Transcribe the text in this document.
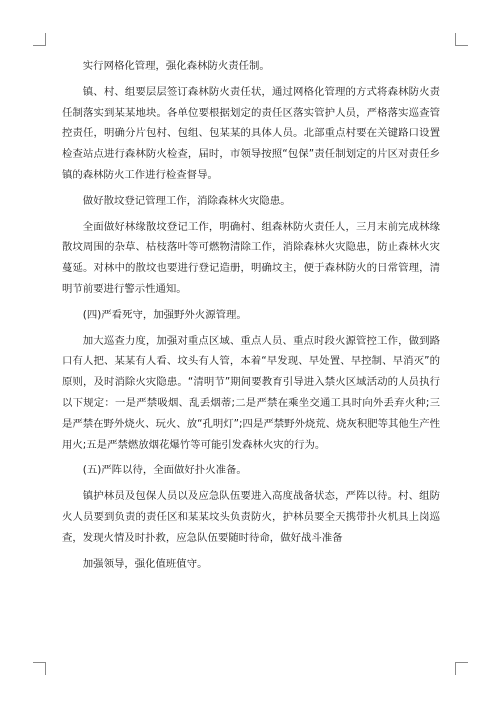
实行网格化管理，强化森林防火责任制。

镇、村、组要层层签订森林防火责任状，通过网格化管理的方式将森林防火责任制落实到某某地块。各单位要根据划定的责任区落实管护人员，严格落实巡查管控责任，明确分片包村、包组、包某某的具体人员。北部重点村要在关键路口设置检查站点进行森林防火检查，届时，市领导按照“包保”责任制划定的片区对责任乡镇的森林防火工作进行检查督导。

做好散坟登记管理工作，消除森林火灾隐患。

全面做好林缘散坟登记工作，明确村、组森林防火责任人，三月末前完成林缘散坟周围的杂草、枯枝落叶等可燃物清除工作，消除森林火灾隐患，防止森林火灾蔓延。对林中的散坟也要进行登记造册，明确坟主，便于森林防火的日常管理，清明节前要进行警示性通知。

(四)严看死守，加强野外火源管理。

加大巡查力度，加强对重点区域、重点人员、重点时段火源管控工作，做到路口有人把、某某有人看、坟头有人管，本着“早发现、早处置、早控制、早消灭”的原则，及时消除火灾隐患。“清明节”期间要教育引导进入禁火区域活动的人员执行以下规定：一是严禁吸烟、乱丢烟蒂;二是严禁在乘坐交通工具时向外丢弃火种;三是严禁在野外烧火、玩火、放“孔明灯”;四是严禁野外烧荒、烧灰积肥等其他生产性用火;五是严禁燃放烟花爆竹等可能引发森林火灾的行为。

(五)严阵以待，全面做好扑火准备。

镇护林员及包保人员以及应急队伍要进入高度战备状态，严阵以待。村、组防火人员要到负责的责任区和某某坟头负责防火，护林员要全天携带扑火机具上岗巡查，发现火情及时扑救，应急队伍要随时待命，做好战斗准备

加强领导，强化值班值守。
